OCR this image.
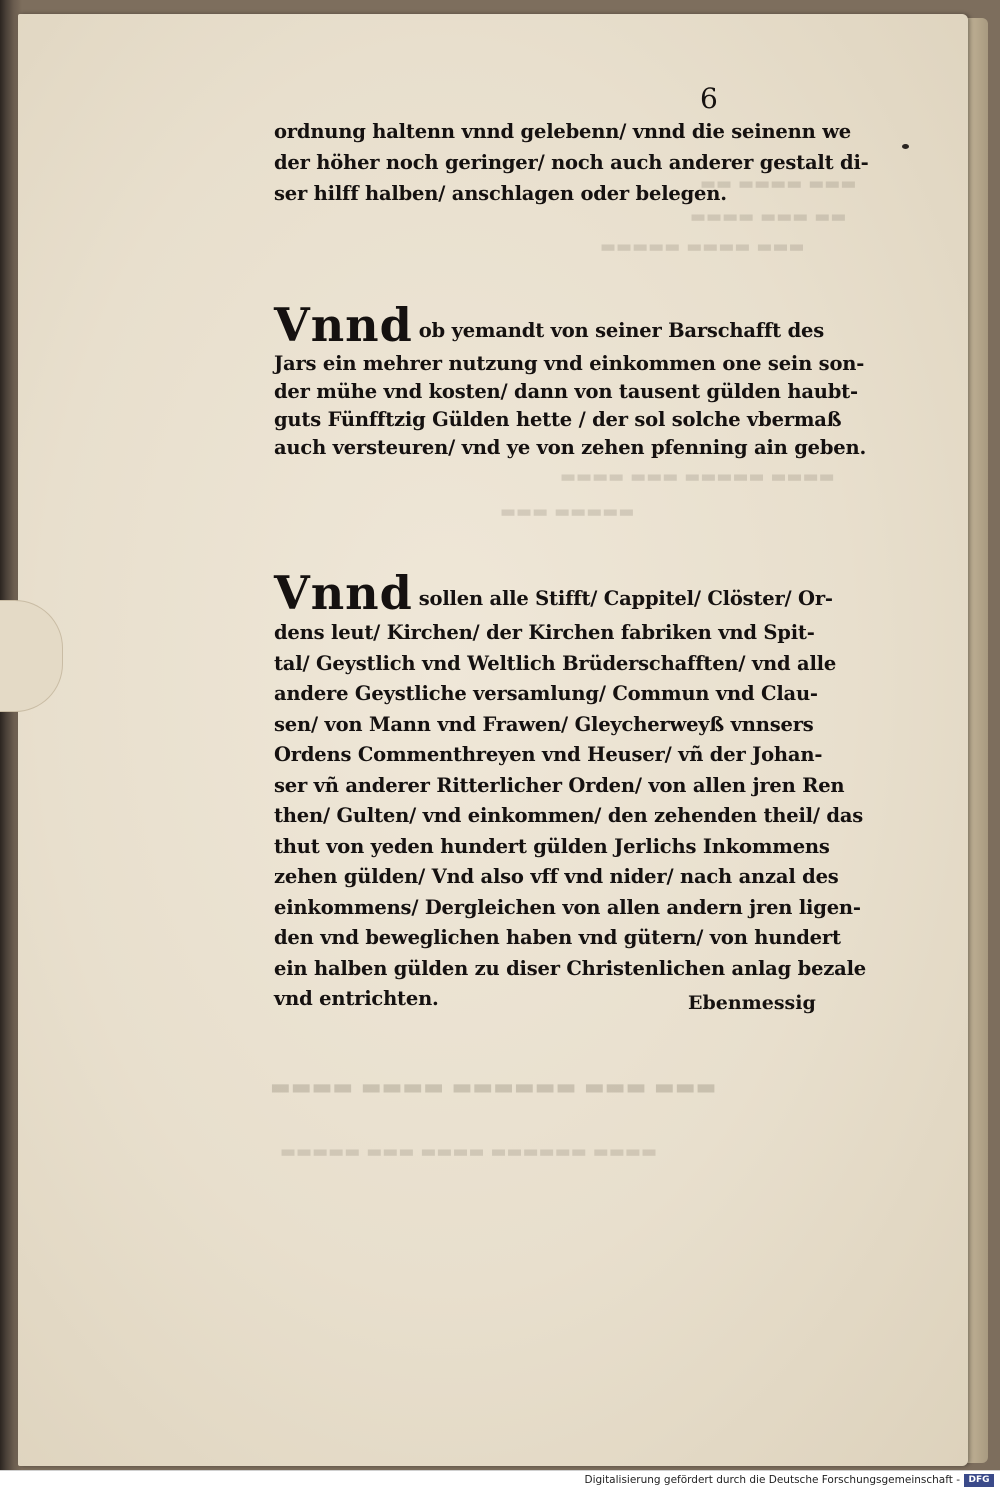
▬▬ ▬▬▬▬ ▬▬▬
▬▬▬▬ ▬▬▬ ▬▬
▬▬▬▬▬ ▬▬▬▬ ▬▬▬
▬▬▬▬ ▬▬▬ ▬▬▬▬▬ ▬▬▬▬
▬▬▬ ▬▬▬▬▬
▬▬▬ ▬▬▬ ▬▬▬▬▬▬ ▬▬▬▬ ▬▬▬▬
▬▬▬▬▬ ▬▬▬ ▬▬▬▬ ▬▬▬▬▬▬ ▬▬▬▬
6
ordnung haltenn vnnd gelebenn/ vnnd die seinenn we
der höher noch geringer/ noch auch anderer gestalt di-
ser hilff halben/ anschlagen oder belegen.
Vnnd ob yemandt von seiner Barschafft des
Jars ein mehrer nutzung vnd einkommen one sein son-
der mühe vnd kosten/ dann von tausent gülden haubt-
guts Fünfftzig Gülden hette / der sol solche vbermaß
auch versteuren/ vnd ye von zehen pfenning ain geben.
Vnnd sollen alle Stifft/ Cappitel/ Clöster/ Or-
dens leut/ Kirchen/ der Kirchen fabriken vnd Spit-
tal/ Geystlich vnd Weltlich Brüderschafften/ vnd alle
andere Geystliche versamlung/ Commun vnd Clau-
sen/ von Mann vnd Frawen/ Gleycherweyß vnnsers
Ordens Commenthreyen vnd Heuser/ vñ der Johan-
ser vñ anderer Ritterlicher Orden/ von allen jren Ren
then/ Gulten/ vnd einkommen/ den zehenden theil/ das
thut von yeden hundert gülden Jerlichs Inkommens
zehen gülden/ Vnd also vff vnd nider/ nach anzal des
einkommens/ Dergleichen von allen andern jren ligen-
den vnd beweglichen haben vnd gütern/ von hundert
ein halben gülden zu diser Christenlichen anlag bezale
vnd entrichten.	Ebenmessig
Digitalisierung gefördert durch die Deutsche Forschungsgemeinschaft - DFG
